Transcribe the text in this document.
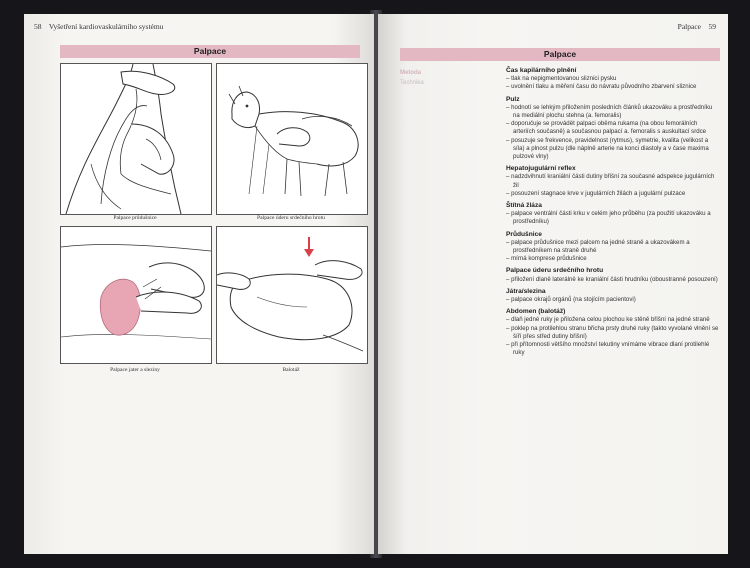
58 Vyšetření kardiovaskulárního systému
Palpace
Palpace průdušnice	Palpace úderu srdečního hrotu
Palpace jater a sleziny	Balotáž
Palpace 59
Palpace
Metoda
Technika
Čas kapilárního plnění
– tlak na nepigmentovanou sliznici pysku
– uvolnění tlaku a měření času do návratu původního zbarvení sliznice
Pulz
– hodnotí se lehkým přiložením posledních článků ukazováku a prostředníku na mediální plochu stehna (a. femoralis)
– doporučuje se provádět palpaci oběma rukama (na obou femorálních arteriích současně) a současnou palpací a. femoralis s auskultací srdce
– posuzuje se frekvence, pravidelnost (rytmus), symetrie, kvalita (velikost a síla) a plnost pulzu (dle náplně arterie na konci diastoly a v čase maxima pulzové vlny)
Hepatojugulární reflex
– nadzdvihnutí kraniální části dutiny břišní za současné adspekce jugulárních žil
– posouzení stagnace krve v jugulárních žilách a jugulární pulzace
Štítná žláza
– palpace ventrální části krku v celém jeho průběhu (za použití ukazováku a prostředníku)
Průdušnice
– palpace průdušnice mezi palcem na jedné straně a ukazovákem a prostředníkem na straně druhé
– mírná komprese průdušnice
Palpace úderu srdečního hrotu
– přiložení dlaně laterálně ke kraniální části hrudníku (oboustranné posouzení)
Játra/slezina
– palpace okrajů orgánů (na stojícím pacientovi)
Abdomen (balotáž)
– dlaň jedné ruky je přiložena celou plochou ke stěně břišní na jedné straně
– poklep na protilehlou stranu břicha prsty druhé ruky (takto vyvolané vlnění se šíří přes střed dutiny břišní)
– při přítomnosti většího množství tekutiny vnímáme vibrace dlaní protilehlé ruky
